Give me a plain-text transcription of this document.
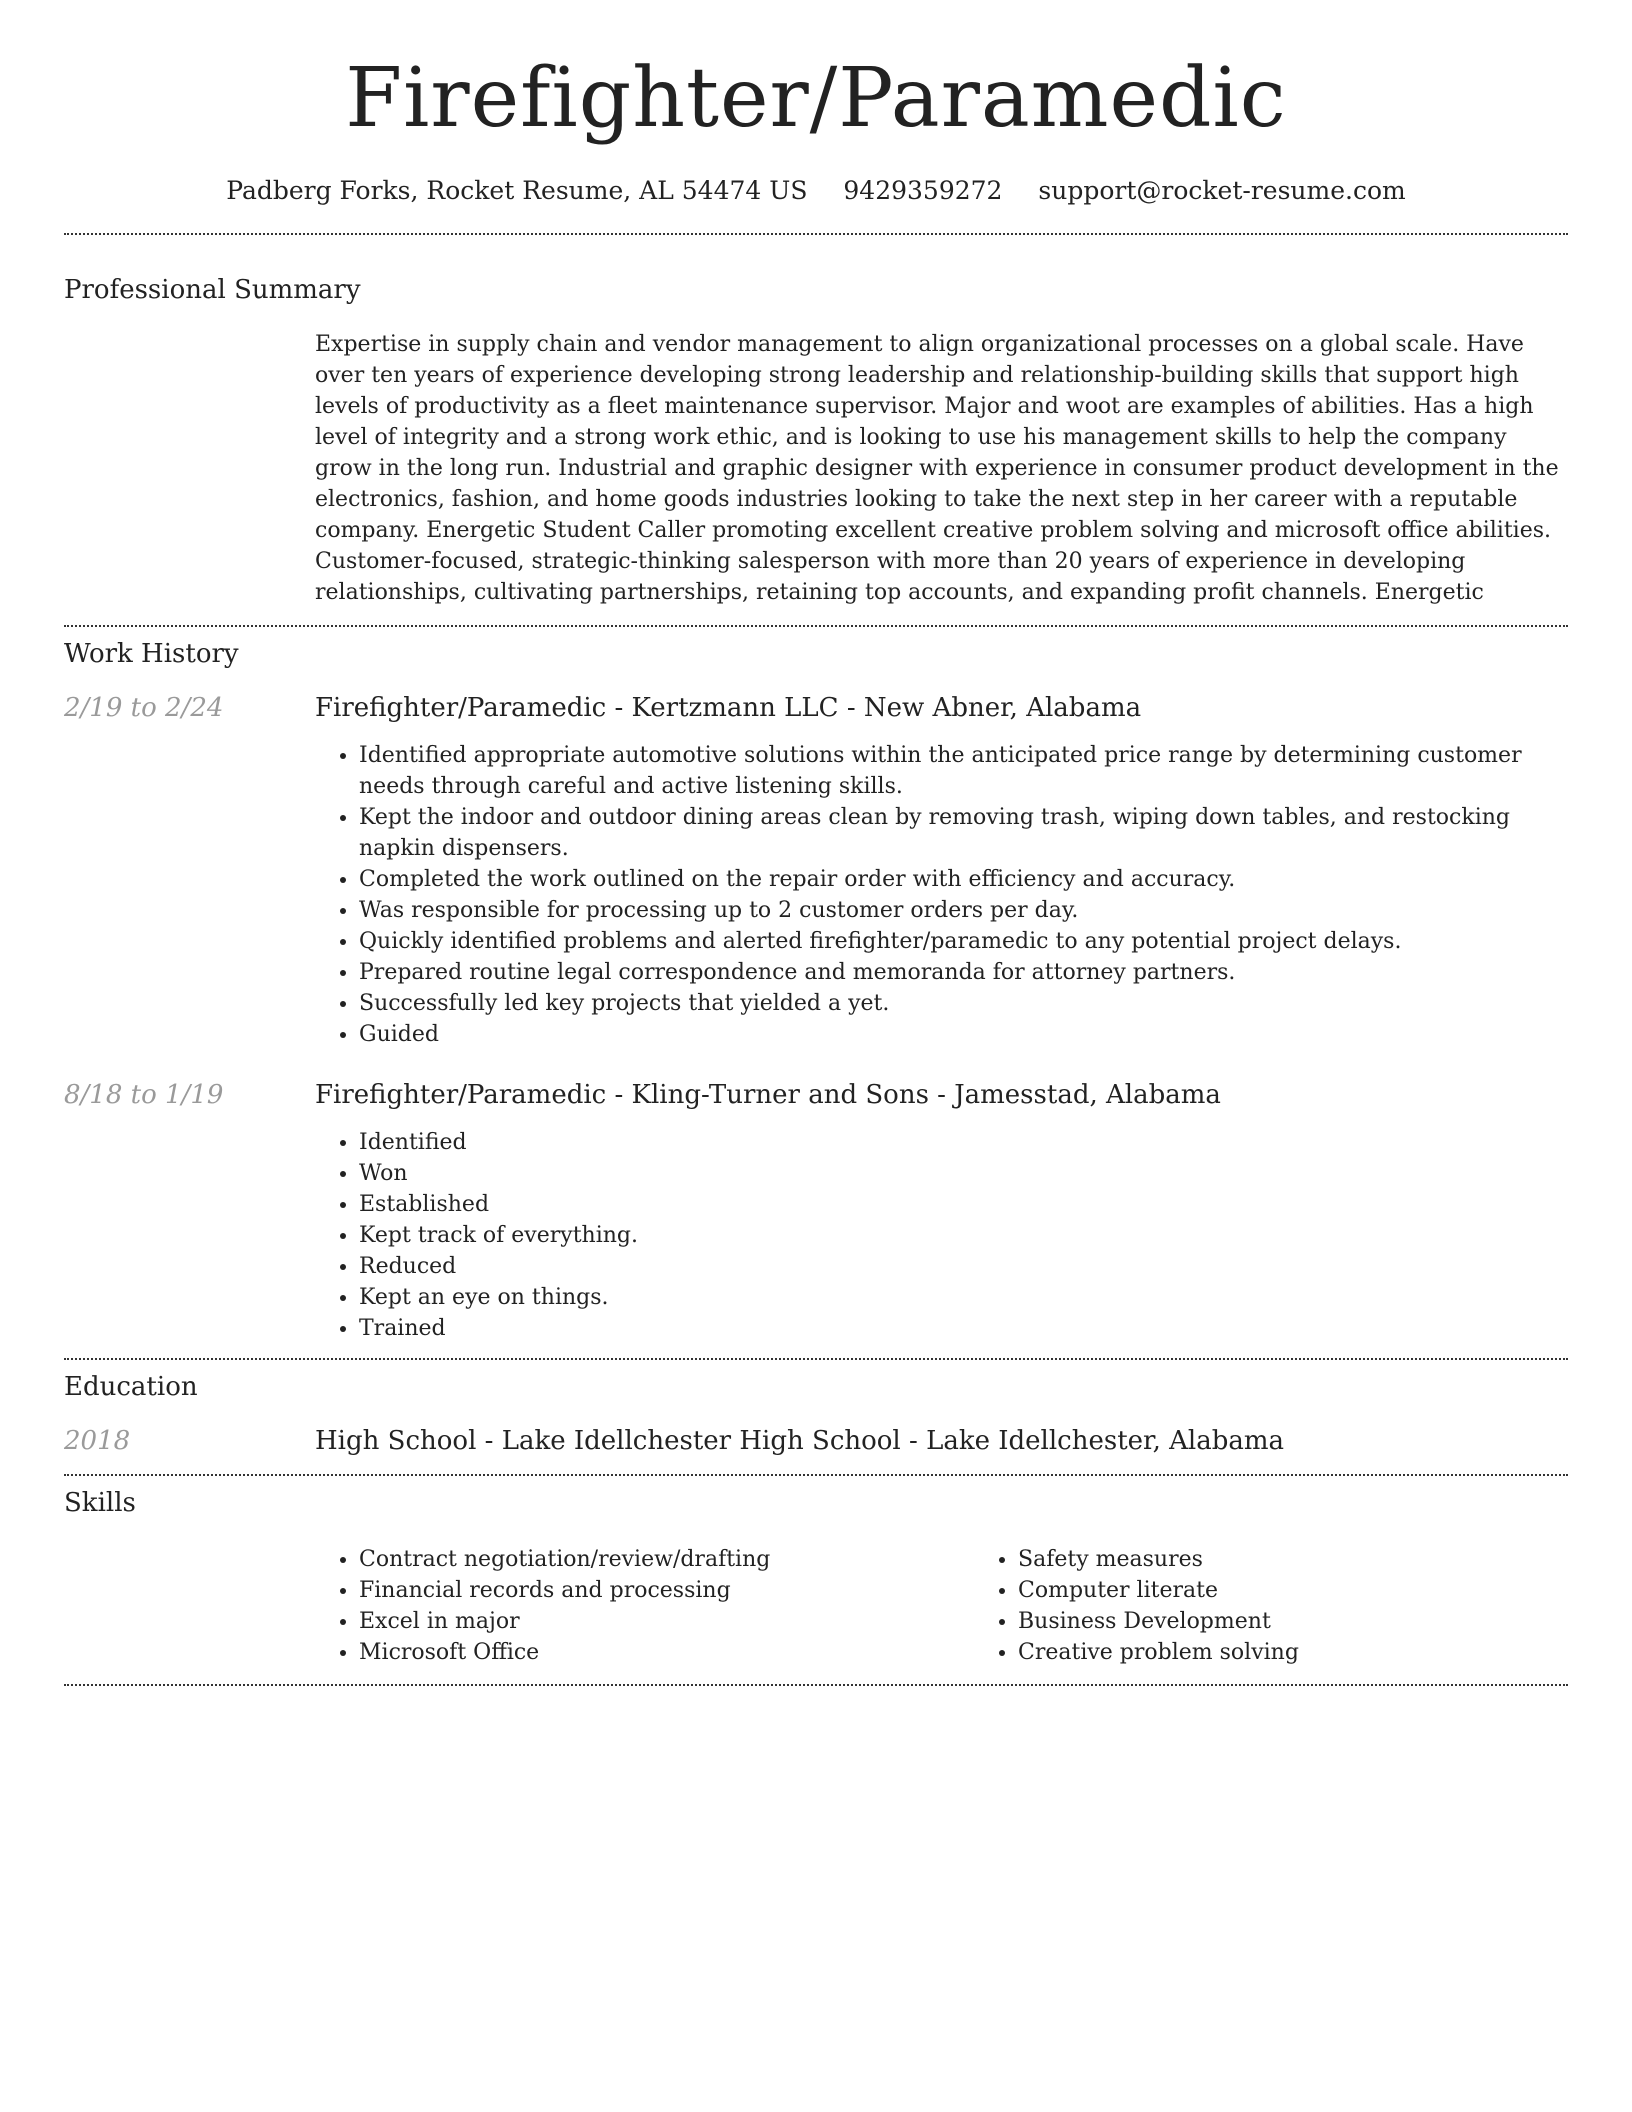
Firefighter/Paramedic
Padberg Forks, Rocket Resume, AL 54474 US 9429359272 support@rocket-resume.com
Professional Summary

Expertise in supply chain and vendor management to align organizational processes on a global scale. Have over ten years of experience developing strong leadership and relationship-building skills that support high levels of productivity as a fleet maintenance supervisor. Major and woot are examples of abilities. Has a high level of integrity and a strong work ethic, and is looking to use his management skills to help the company grow in the long run. Industrial and graphic designer with experience in consumer product development in the electronics, fashion, and home goods industries looking to take the next step in her career with a reputable company. Energetic Student Caller promoting excellent creative problem solving and microsoft office abilities. Customer-focused, strategic-thinking salesperson with more than 20 years of experience in developing relationships, cultivating partnerships, retaining top accounts, and expanding profit channels. Energetic

Work History
2/19 to 2/24	Firefighter/Paramedic - Kertzmann LLC - New Abner, Alabama
• Identified appropriate automotive solutions within the anticipated price range by determining customer needs through careful and active listening skills.
• Kept the indoor and outdoor dining areas clean by removing trash, wiping down tables, and restocking napkin dispensers.
• Completed the work outlined on the repair order with efficiency and accuracy.
• Was responsible for processing up to 2 customer orders per day.
• Quickly identified problems and alerted firefighter/paramedic to any potential project delays.
• Prepared routine legal correspondence and memoranda for attorney partners.
• Successfully led key projects that yielded a yet.
• Guided
8/18 to 1/19	Firefighter/Paramedic - Kling-Turner and Sons - Jamesstad, Alabama
• Identified
• Won
• Established
• Kept track of everything.
• Reduced
• Kept an eye on things.
• Trained
Education
2018	High School - Lake Idellchester High School - Lake Idellchester, Alabama
Skills
• Contract negotiation/review/drafting
• Financial records and processing
• Excel in major
• Microsoft Office
• Safety measures
• Computer literate
• Business Development
• Creative problem solving
